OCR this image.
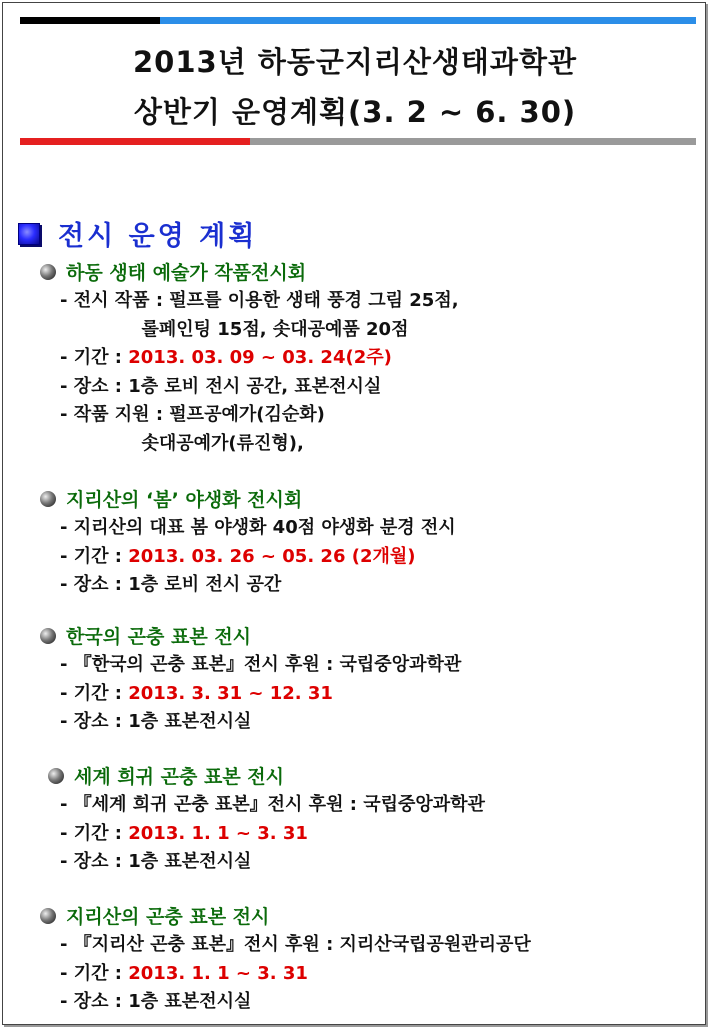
2013년 하동군지리산생태과학관
상반기 운영계획(3. 2 ~ 6. 30)
전시 운영 계획
하동 생태 예술가 작품전시회
- 전시 작품 : 펄프를 이용한 생태 풍경 그림 25점,
롤페인팅 15점, 솟대공예품 20점
- 기간 : 2013. 03. 09 ~ 03. 24(2주)
- 장소 : 1층 로비 전시 공간, 표본전시실
- 작품 지원 : 펄프공예가(김순화)
솟대공예가(류진형),
지리산의 ‘봄’ 야생화 전시회
- 지리산의 대표 봄 야생화 40점 야생화 분경 전시
- 기간 : 2013. 03. 26 ~ 05. 26 (2개월)
- 장소 : 1층 로비 전시 공간
한국의 곤충 표본 전시
- 『한국의 곤충 표본』전시 후원 : 국립중앙과학관
- 기간 : 2013. 3. 31 ~ 12. 31
- 장소 : 1층 표본전시실
세계 희귀 곤충 표본 전시
- 『세계 희귀 곤충 표본』전시 후원 : 국립중앙과학관
- 기간 : 2013. 1. 1 ~ 3. 31
- 장소 : 1층 표본전시실
지리산의 곤충 표본 전시
- 『지리산 곤충 표본』전시 후원 : 지리산국립공원관리공단
- 기간 : 2013. 1. 1 ~ 3. 31
- 장소 : 1층 표본전시실
